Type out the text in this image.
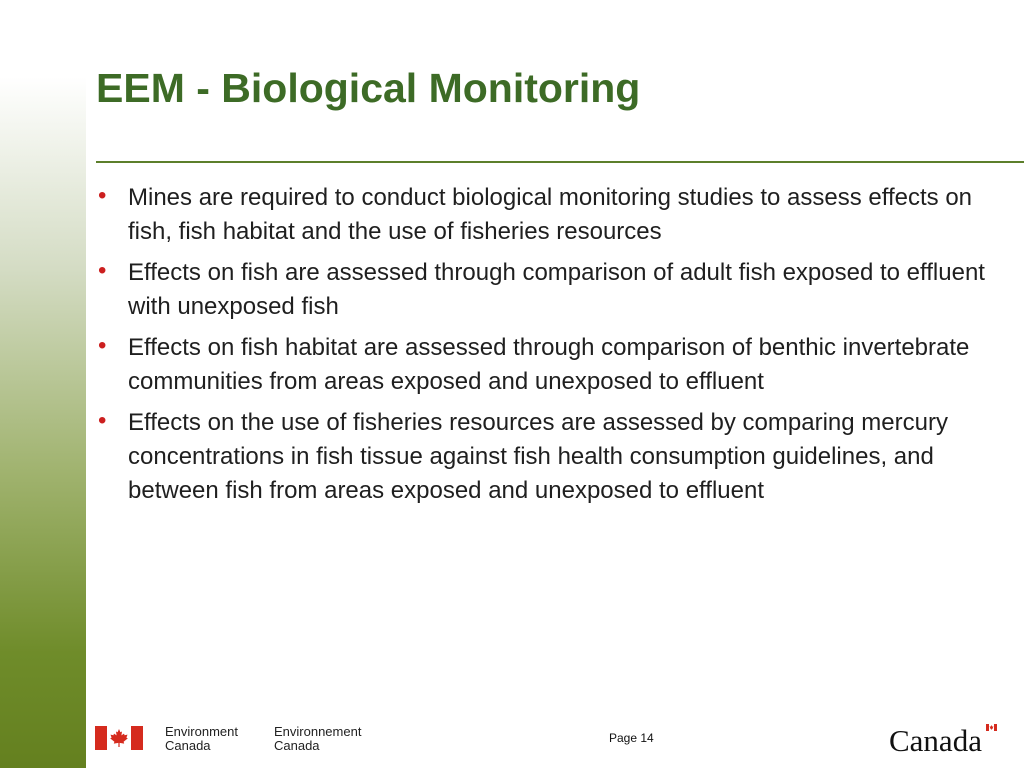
EEM - Biological Monitoring
• Mines are required to conduct biological monitoring studies to assess effects on fish, fish habitat and the use of fisheries resources
• Effects on fish are assessed through comparison of adult fish exposed to effluent with unexposed fish
• Effects on fish habitat are assessed through comparison of benthic invertebrate communities from areas exposed and unexposed to effluent
• Effects on the use of fisheries resources are assessed by comparing mercury concentrations in fish tissue against fish health consumption guidelines, and between fish from areas exposed and unexposed to effluent
Environment
Canada
Environnement
Canada	Page 14	Canada
